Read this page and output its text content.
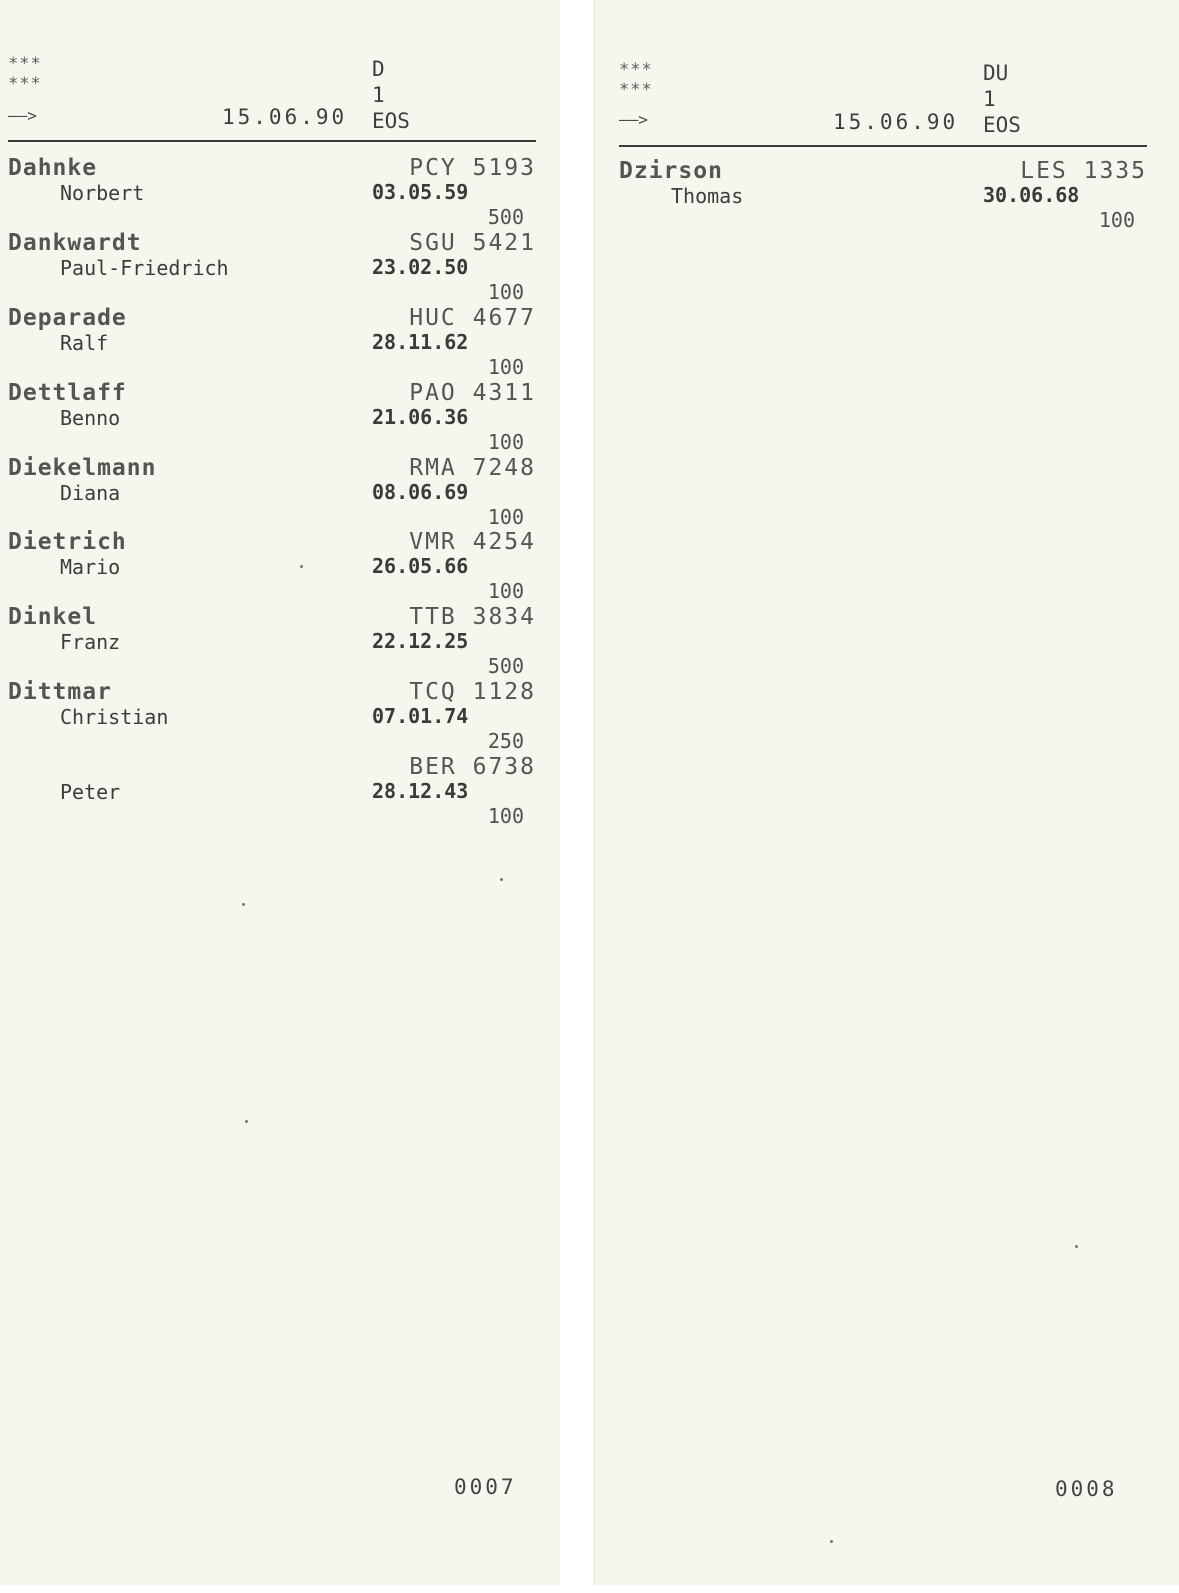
***
***
——>	15.06.90
D
1
EOS
Dahnke
Norbert
PCY 5193
03.05.59
500
Dankwardt
Paul-Friedrich
SGU 5421
23.02.50
100
Deparade
Ralf
HUC 4677
28.11.62
100
Dettlaff
Benno
PAO 4311
21.06.36
100
Diekelmann
Diana
RMA 7248
08.06.69
100
Dietrich
Mario
VMR 4254
26.05.66
100
Dinkel
Franz
TTB 3834
22.12.25
500
Dittmar
Christian
TCQ 1128
07.01.74
250
Peter
BER 6738
28.12.43
100
0007
***
***
——>	15.06.90
DU
1
EOS
Dzirson
Thomas
LES 1335
30.06.68
100
0008
